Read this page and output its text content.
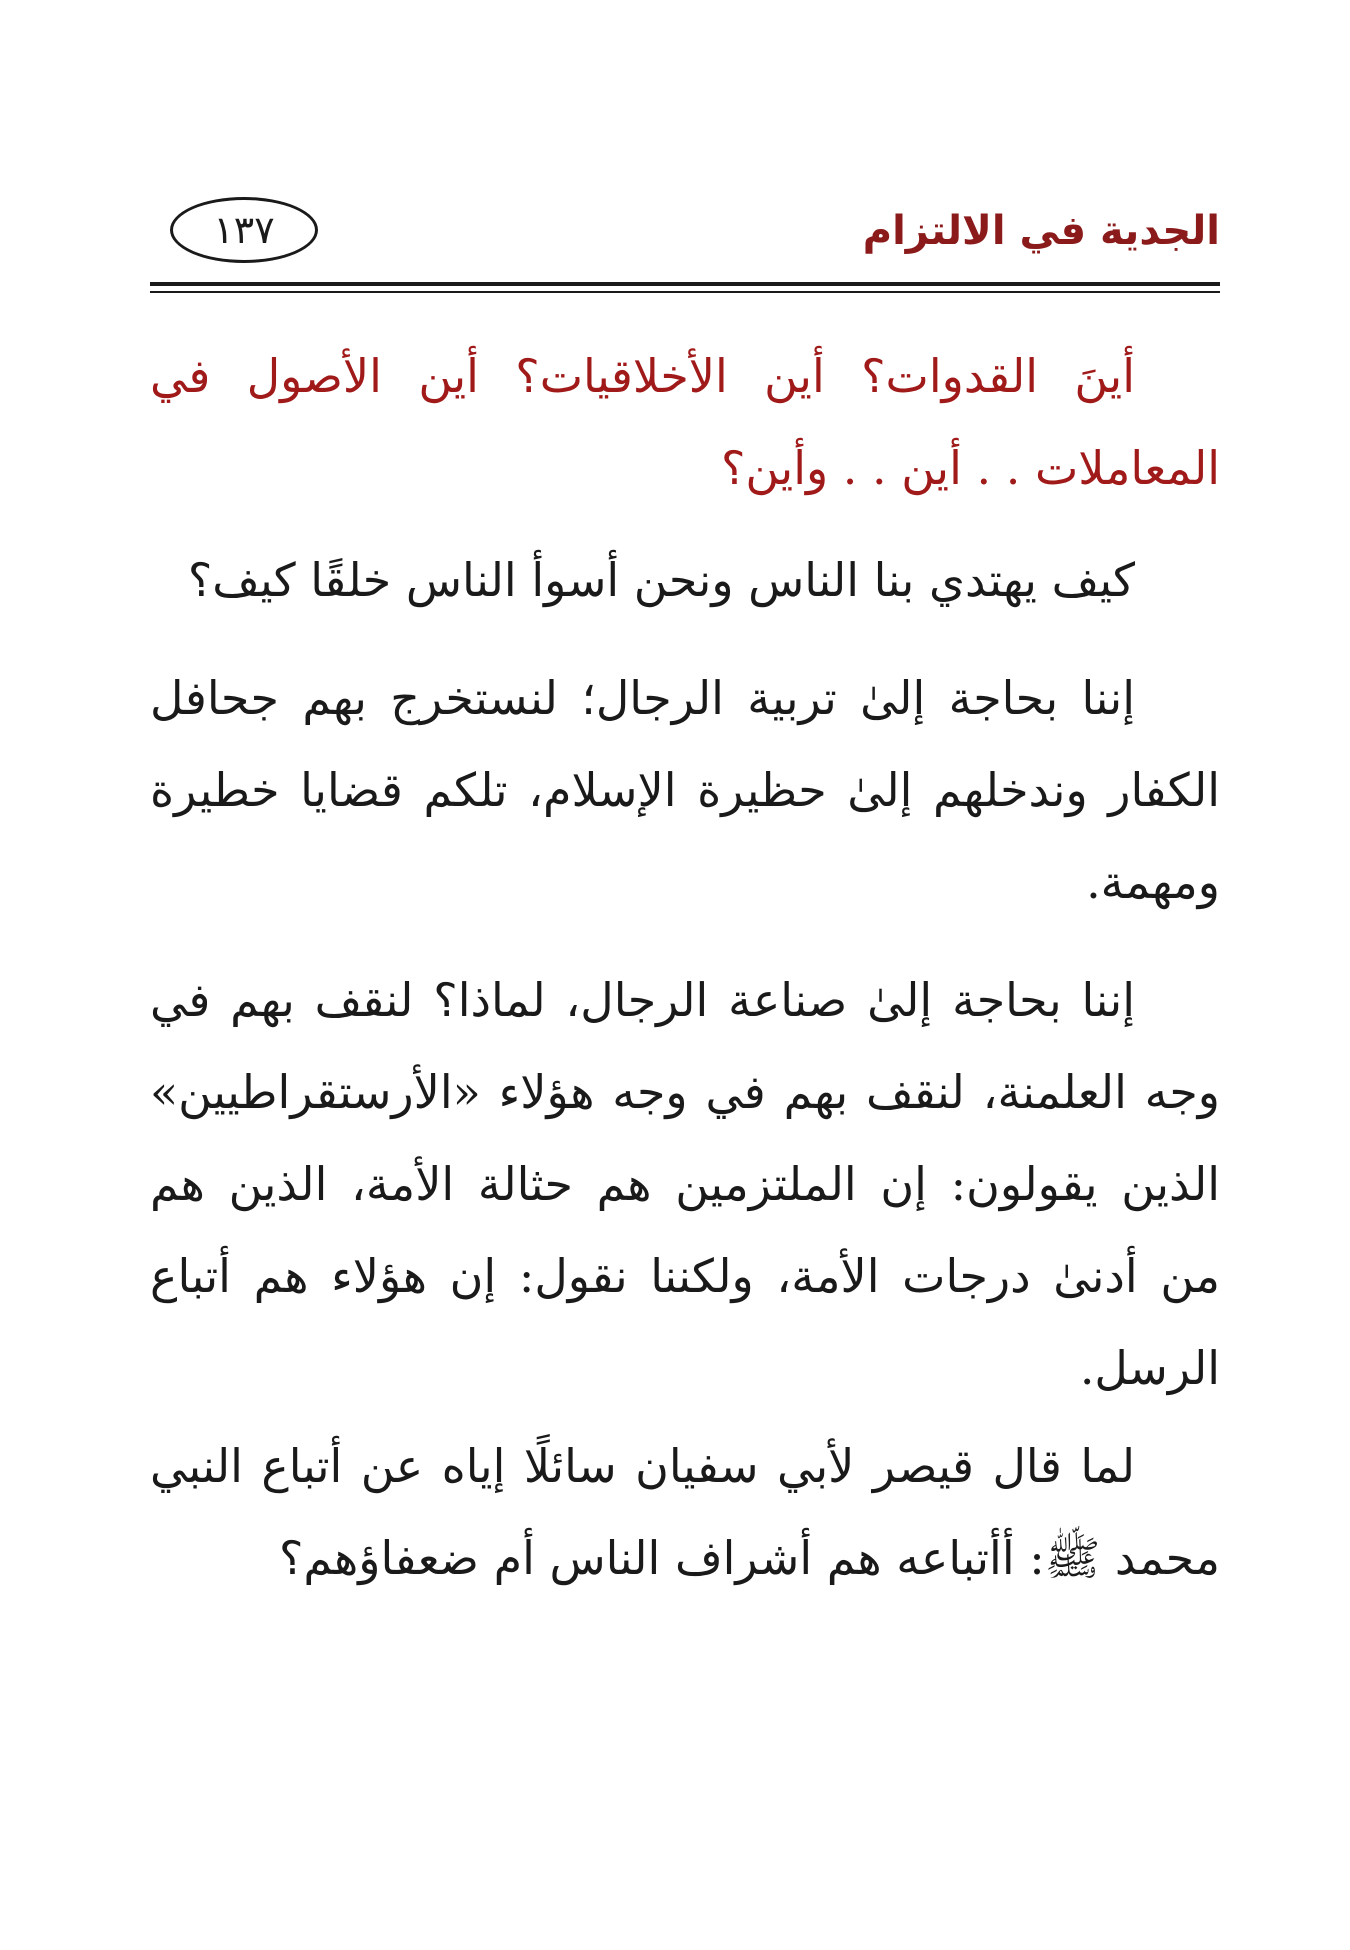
الجدية في الالتزام
١٣٧

أينَ القدوات؟ أين الأخلاقيات؟ أين الأصول في المعاملات . . أين . . وأين؟

كيف يهتدي بنا الناس ونحن أسوأ الناس خلقًا كيف؟

إننا بحاجة إلىٰ تربية الرجال؛ لنستخرج بهم جحافل الكفار وندخلهم إلىٰ حظيرة الإسلام، تلكم قضايا خطيرة ومهمة.

إننا بحاجة إلىٰ صناعة الرجال، لماذا؟ لنقف بهم في وجه العلمنة، لنقف بهم في وجه هؤلاء «الأرستقراطيين» الذين يقولون: إن الملتزمين هم حثالة الأمة، الذين هم من أدنىٰ درجات الأمة، ولكننا نقول: إن هؤلاء هم أتباع الرسل.

لما قال قيصر لأبي سفيان سائلًا إياه عن أتباع النبي محمد ﷺ: أأتباعه هم أشراف الناس أم ضعفاؤهم؟
